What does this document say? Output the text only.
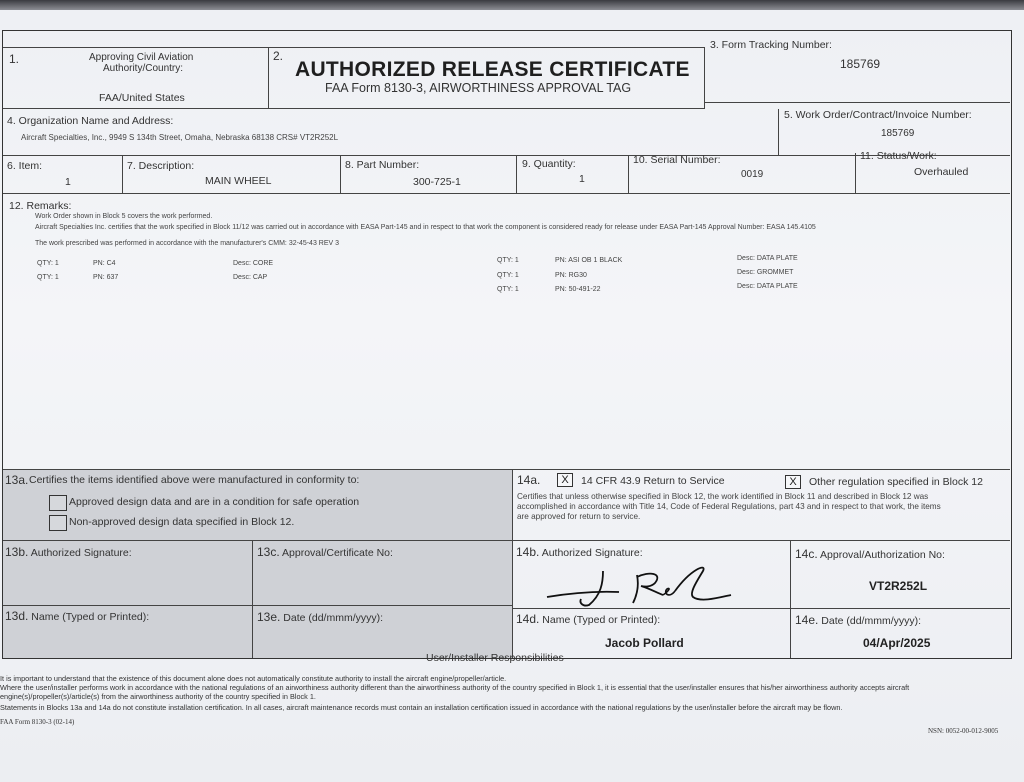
1.	Approving Civil Aviation
Authority/Country:
FAA/United States
2.
AUTHORIZED RELEASE CERTIFICATE
FAA Form 8130-3, AIRWORTHINESS APPROVAL TAG
3. Form Tracking Number:
185769
4. Organization Name and Address:
Aircraft Specialties, Inc., 9949 S 134th Street, Omaha, Nebraska 68138 CRS# VT2R252L
5. Work Order/Contract/Invoice Number:
185769
6. Item:
1
7. Description:
MAIN WHEEL
8. Part Number:
300-725-1
9. Quantity:
1
10. Serial Number:
0019
11. Status/Work:
Overhauled
12. Remarks:
Work Order shown in Block 5 covers the work performed.
Aircraft Specialties Inc. certifies that the work specified in Block 11/12 was carried out in accordance with EASA Part-145 and in respect to that work the component is considered ready for release under EASA Part-145 Approval Number: EASA 145.4105
The work prescribed was performed in accordance with the manufacturer's CMM: 32-45-43 REV 3
QTY: 1	PN: C4	Desc: CORE
QTY: 1	PN: 637	Desc: CAP
QTY: 1	PN: ASI OB 1 BLACK	Desc: DATA PLATE
QTY: 1	PN: RG30	Desc: GROMMET
QTY: 1	PN: 50-491-22	Desc: DATA PLATE
13a. Certifies the items identified above were manufactured in conformity to:
Approved design data and are in a condition for safe operation
Non-approved design data specified in Block 12.
14a.	X	14 CFR 43.9 Return to Service	X	Other regulation specified in Block 12
Certifies that unless otherwise specified in Block 12, the work identified in Block 11 and described in Block 12 was
accomplished in accordance with Title 14, Code of Federal Regulations, part 43 and in respect to that work, the items
are approved for return to service.
13b. Authorized Signature:	13c. Approval/Certificate No:	14b. Authorized Signature:	14c. Approval/Authorization No:
VT2R252L
13d. Name (Typed or Printed):	13e. Date (dd/mmm/yyyy):	14d. Name (Typed or Printed):
Jacob Pollard
14e. Date (dd/mmm/yyyy):
04/Apr/2025
User/Installer Responsibilities
It is important to understand that the existence of this document alone does not automatically constitute authority to install the aircraft engine/propeller/article.
Where the user/installer performs work in accordance with the national regulations of an airworthiness authority different than the airworthiness authority of the country specified in Block 1, it is essential that the user/installer ensures that his/her airworthiness authority accepts aircraft
engine(s)/propeller(s)/article(s) from the airworthiness authority of the country specified in Block 1.
Statements in Blocks 13a and 14a do not constitute installation certification. In all cases, aircraft maintenance records must contain an installation certification issued in accordance with the national regulations by the user/installer before the aircraft may be flown.
FAA Form 8130-3 (02-14)
NSN: 0052-00-012-9005
